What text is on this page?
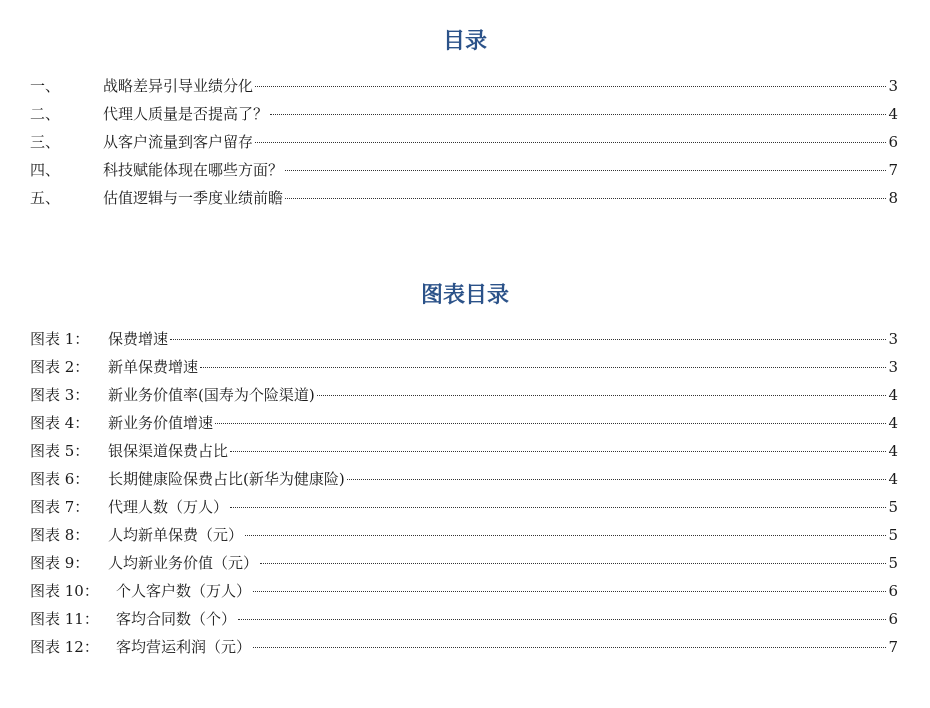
目录
一、	战略差异引导业绩分化	3
二、	代理人质量是否提高了？	4
三、	从客户流量到客户留存	6
四、	科技赋能体现在哪些方面？	7
五、	估值逻辑与一季度业绩前瞻	8
图表目录
图表 1：	保费增速	3
图表 2：	新单保费增速	3
图表 3：	新业务价值率(国寿为个险渠道)	4
图表 4：	新业务价值增速	4
图表 5：	银保渠道保费占比	4
图表 6：	长期健康险保费占比(新华为健康险)	4
图表 7：	代理人数（万人）	5
图表 8：	人均新单保费（元）	5
图表 9：	人均新业务价值（元）	5
图表 10：	个人客户数（万人）	6
图表 11：	客均合同数（个）	6
图表 12：	客均营运利润（元）	7
